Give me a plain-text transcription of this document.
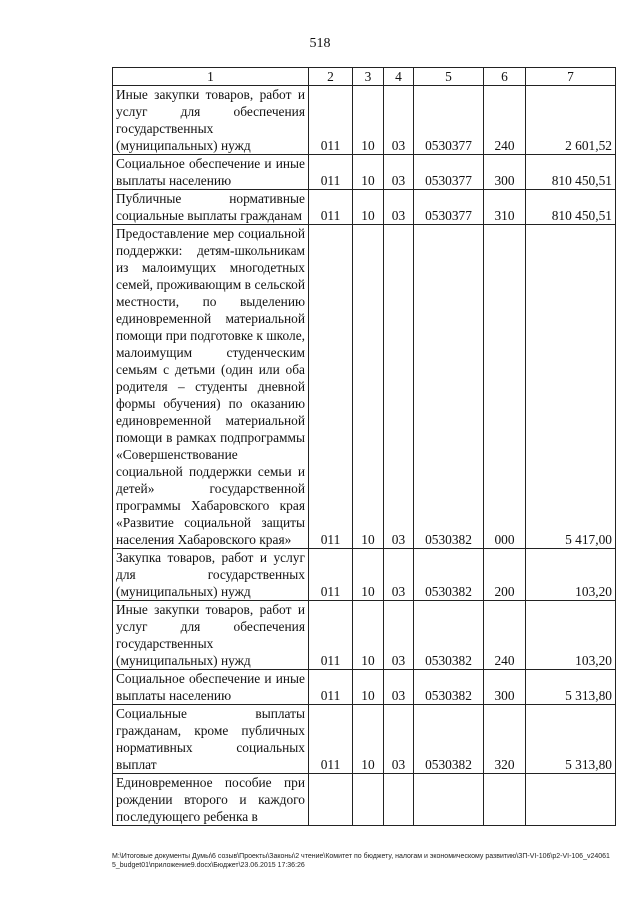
518
1	2	3	4	5	6	7
Иные закупки товаров, работ и услуг для обеспечения государственных (муниципальных) нужд	011	10	03	0530377	240	2 601,52
Социальное обеспечение и иные выплаты населению	011	10	03	0530377	300	810 450,51
Публичные нормативные социальные выплаты гражданам	011	10	03	0530377	310	810 450,51
Предоставление мер социальной поддержки: детям-школьникам из малоимущих многодетных семей, проживающим в сельской местности, по выделению единовременной материальной помощи при подготовке к школе, малоимущим студенческим семьям с детьми (один или оба родителя – студенты дневной формы обучения) по оказанию единовременной материальной помощи в рамках подпрограммы «Совершенствование социальной поддержки семьи и детей» государственной программы Хабаровского края «Развитие социальной защиты населения Хабаровского края»	011	10	03	0530382	000	5 417,00
Закупка товаров, работ и услуг для государственных (муниципальных) нужд	011	10	03	0530382	200	103,20
Иные закупки товаров, работ и услуг для обеспечения государственных (муниципальных) нужд	011	10	03	0530382	240	103,20
Социальное обеспечение и иные выплаты населению	011	10	03	0530382	300	5 313,80
Социальные выплаты гражданам, кроме публичных нормативных социальных выплат	011	10	03	0530382	320	5 313,80
Единовременное пособие при рождении второго и каждого последующего ребенка в						
M:\Итоговые документы Думы\6 созыв\Проекты\Законы\2 чтение\Комитет по бюджету, налогам и экономическому развитию\ЗП-VI-106\р2-VI-106_v240615_budget01\приложение9.docx\Бюджет\23.06.2015 17:36:26
